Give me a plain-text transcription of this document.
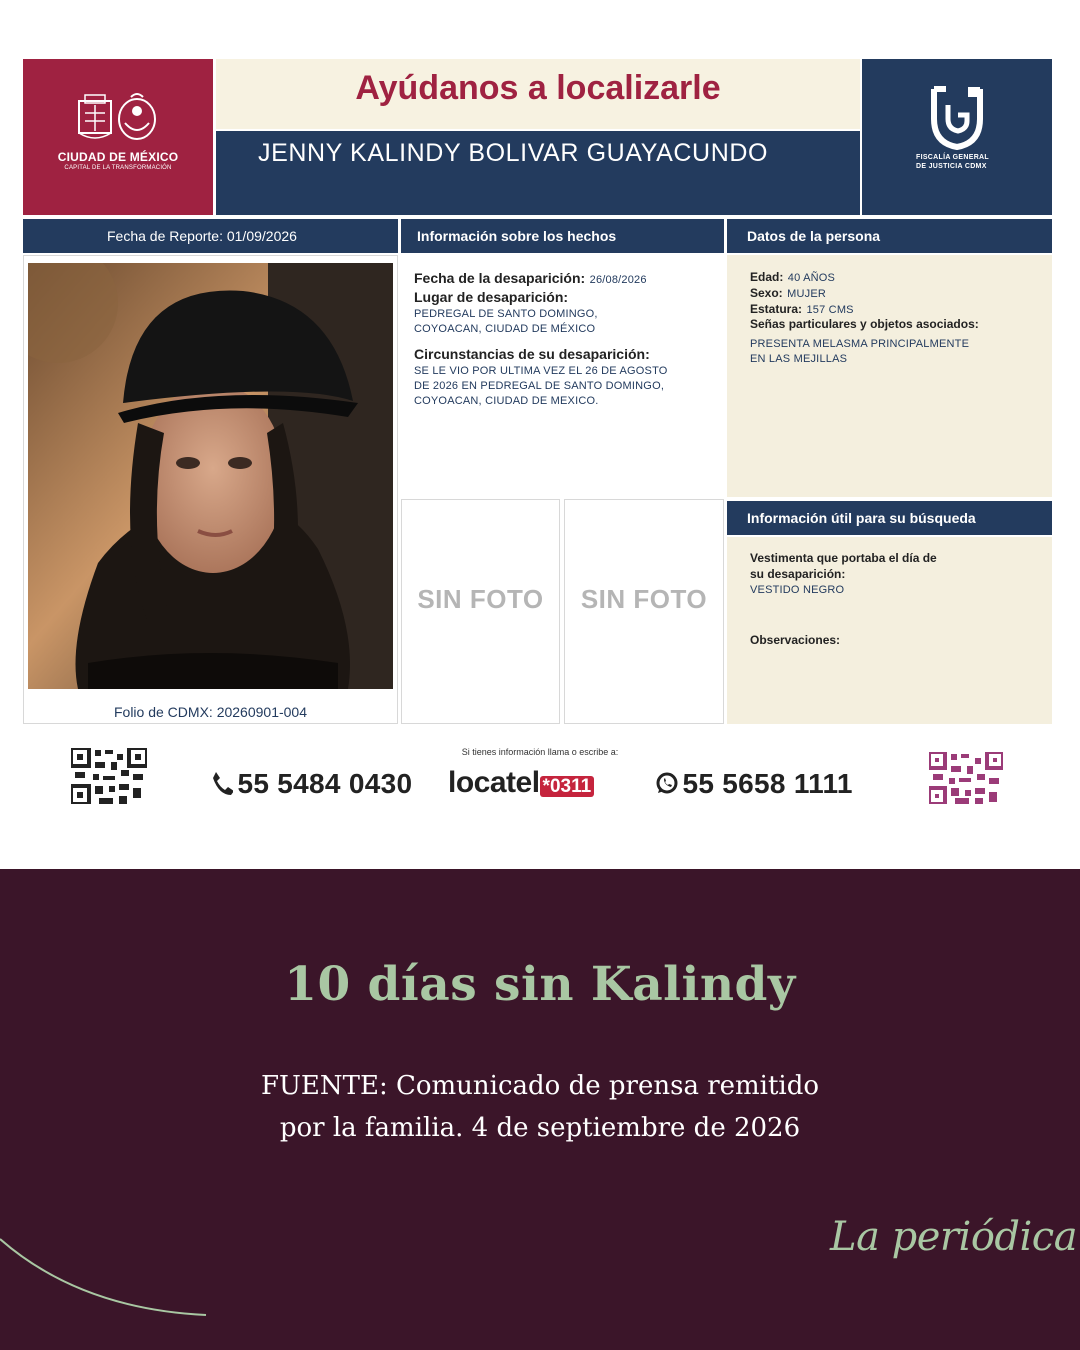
CIUDAD DE MÉXICO
CAPITAL DE LA TRANSFORMACIÓN
Ayúdanos a localizarle
JENNY KALINDY BOLIVAR GUAYACUNDO	FISCALÍA GENERAL
DE JUSTICIA CDMX
Fecha de Reporte: 01/09/2026	Información sobre los hechos	Datos de la persona
Folio de CDMX: 20260901-004
Fecha de la desaparición: 26/08/2026
Lugar de desaparición:
PEDREGAL DE SANTO DOMINGO,
COYOACAN, CIUDAD DE MÉXICO
Circunstancias de su desaparición:
SE LE VIO POR ULTIMA VEZ EL 26 DE AGOSTO
DE 2026 EN PEDREGAL DE SANTO DOMINGO,
COYOACAN, CIUDAD DE MEXICO.
SIN FOTO	SIN FOTO
Edad: 40 AÑOS
Sexo: MUJER
Estatura: 157 CMS
Señas particulares y objetos asociados:
PRESENTA MELASMA PRINCIPALMENTE
EN LAS MEJILLAS
Información útil para su búsqueda
Vestimenta que portaba el día de
su desaparición:
VESTIDO NEGRO
Observaciones:
Si tienes información llama o escribe a:
55 5484 0430 locatel *0311	55 5658 1111
10 días sin Kalindy
FUENTE: Comunicado de prensa remitido
por la familia. 4 de septiembre de 2026
La periódica
